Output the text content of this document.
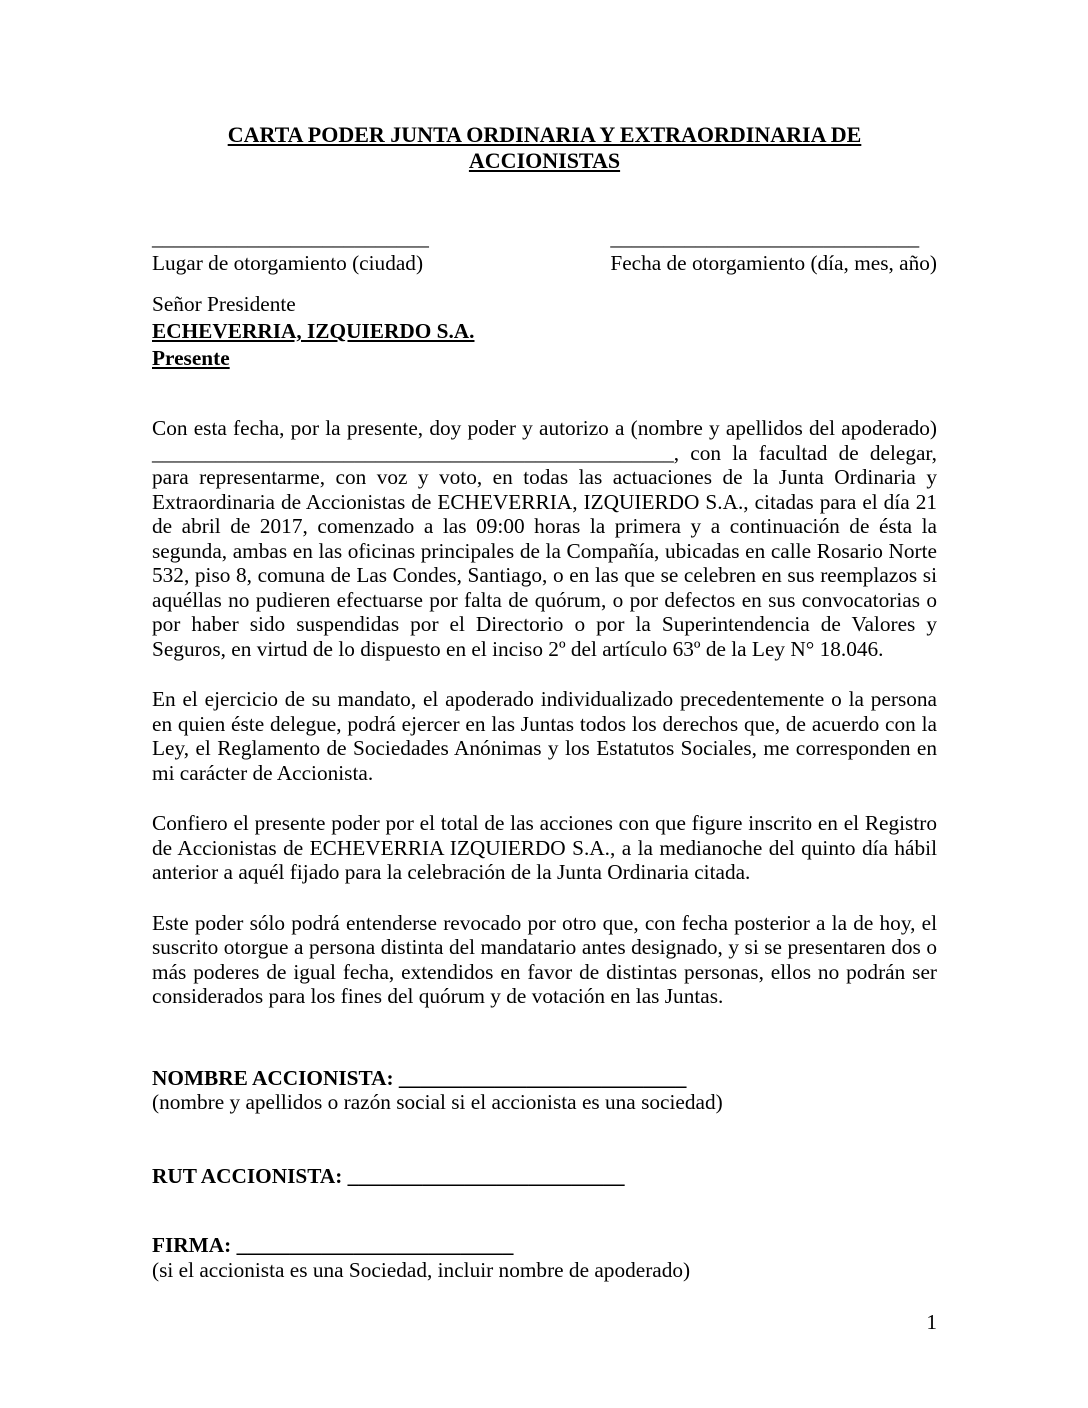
CARTA PODER JUNTA ORDINARIA Y EXTRAORDINARIA DE ACCIONISTAS
__________________________
Lugar de otorgamiento (ciudad)
_____________________________
Fecha de otorgamiento (día, mes, año)
Señor Presidente
ECHEVERRIA, IZQUIERDO S.A.
Presente

Con esta fecha, por la presente, doy poder y autorizo a (nombre y apellidos del apoderado) _________________________________________________, con la facultad de delegar, para representarme, con voz y voto, en todas las actuaciones de la Junta Ordinaria y Extraordinaria de Accionistas de ECHEVERRIA, IZQUIERDO S.A., citadas para el día 21 de abril de 2017, comenzado a las 09:00 horas la primera y a continuación de ésta la segunda, ambas en las oficinas principales de la Compañía, ubicadas en calle Rosario Norte 532, piso 8, comuna de Las Condes, Santiago, o en las que se celebren en sus reemplazos si aquéllas no pudieren efectuarse por falta de quórum, o por defectos en sus convocatorias o por haber sido suspendidas por el Directorio o por la Superintendencia de Valores y Seguros, en virtud de lo dispuesto en el inciso 2º del artículo 63º de la Ley N° 18.046.

En el ejercicio de su mandato, el apoderado individualizado precedentemente o la persona en quien éste delegue, podrá ejercer en las Juntas todos los derechos que, de acuerdo con la Ley, el Reglamento de Sociedades Anónimas y los Estatutos Sociales, me corresponden en mi carácter de Accionista.

Confiero el presente poder por el total de las acciones con que figure inscrito en el Registro de Accionistas de ECHEVERRIA IZQUIERDO S.A., a la medianoche del quinto día hábil anterior a aquél fijado para la celebración de la Junta Ordinaria citada.

Este poder sólo podrá entenderse revocado por otro que, con fecha posterior a la de hoy, el suscrito otorgue a persona distinta del mandatario antes designado, y si se presentaren dos o más poderes de igual fecha, extendidos en favor de distintas personas, ellos no podrán ser considerados para los fines del quórum y de votación en las Juntas.

NOMBRE ACCIONISTA: ___________________________
(nombre y apellidos o razón social si el accionista es una sociedad)
RUT ACCIONISTA: __________________________
FIRMA: __________________________
(si el accionista es una Sociedad, incluir nombre de apoderado)
1
